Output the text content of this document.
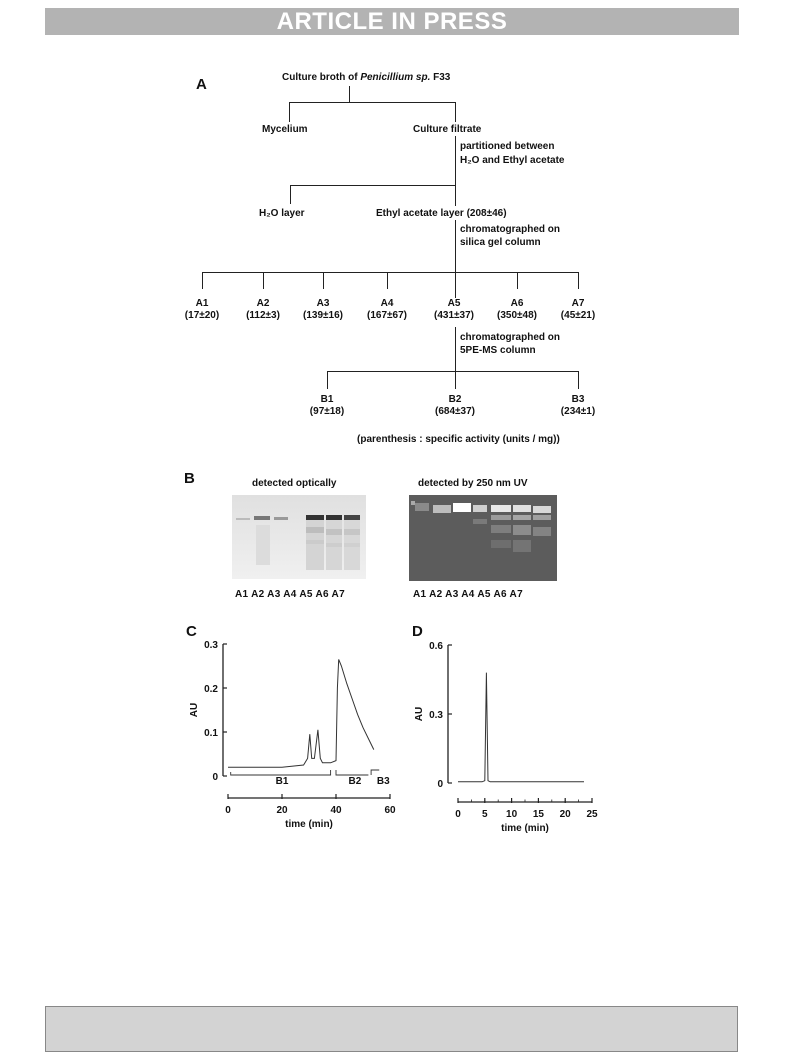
ARTICLE IN PRESS
A	Culture broth of Penicillium sp. F33
Mycelium	Culture filtrate
partitioned between
H₂O and Ethyl acetate
H₂O layer	Ethyl acetate layer (208±46)
chromatographed on
silica gel column
A1
(17±20)
A2
(112±3)
A3
(139±16)
A4
(167±67)
A5
(431±37)
A6
(350±48)
A7
(45±21)
chromatographed on
5PE-MS column
B1
(97±18)
B2
(684±37)
B3
(234±1)
(parenthesis : specific activity (units / mg))
B	detected optically	detected by 250 nm UV
A1 A2 A3 A4 A5 A6 A7	A1 A2 A3 A4 A5 A6 A7
C
0
0.1
0.2
0.3
AU
0	20	40	60
time (min)
B1	B2 B3
D
0
0.3
0.6
AU
0 5 10 15 20 25
time (min)
